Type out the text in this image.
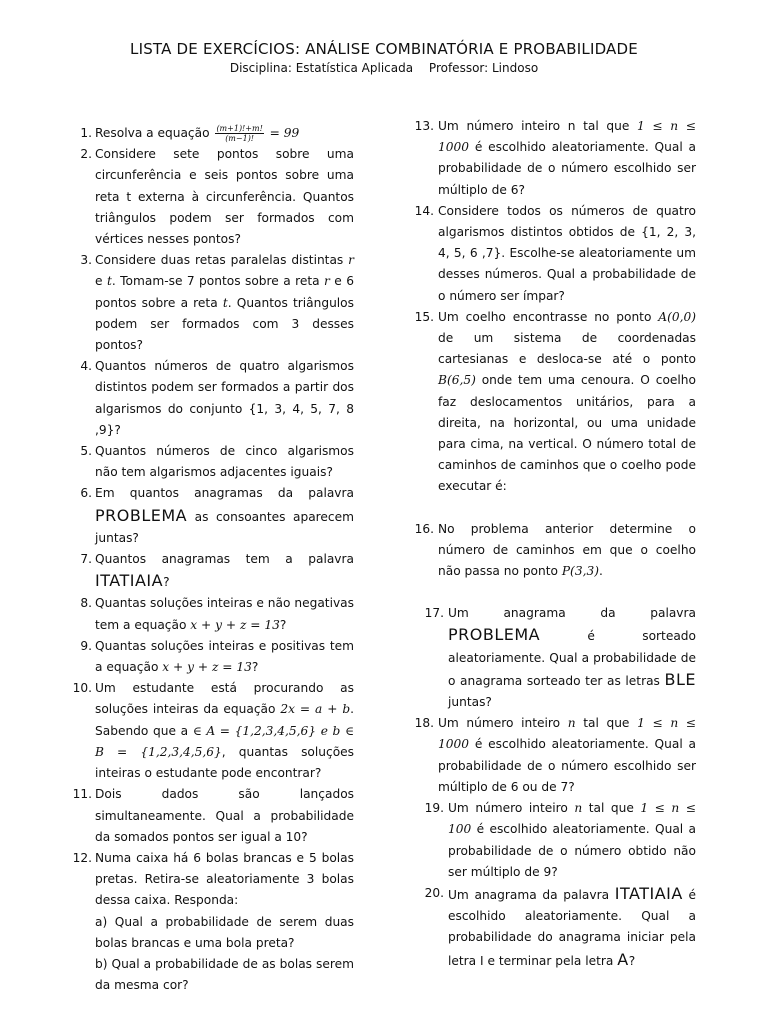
LISTA DE EXERCÍCIOS: ANÁLISE COMBINATÓRIA E PROBABILIDADE
Disciplina: Estatística Aplicada Professor: Lindoso
1. Resolva a equação $\frac{(m+1)!+m!}{(m-1)!} = 99$
2. Considere sete pontos sobre uma circunferência e seis pontos sobre uma reta t externa à circunferência. Quantos triângulos podem ser formados com vértices nesses pontos?
3. Considere duas retas paralelas distintas r e t. Tomam-se 7 pontos sobre a reta r e 6 pontos sobre a reta t. Quantos triângulos podem ser formados com 3 desses pontos?
4. Quantos números de quatro algarismos distintos podem ser formados a partir dos algarismos do conjunto {1, 3, 4, 5, 7, 8 ,9}?
5. Quantos números de cinco algarismos não tem algarismos adjacentes iguais?
6. Em quantos anagramas da palavra PROBLEMA as consoantes aparecem juntas?
7. Quantos anagramas tem a palavra ITATIAIA?
8. Quantas soluções inteiras e não negativas tem a equação x + y + z = 13?
9. Quantas soluções inteiras e positivas tem a equação x + y + z = 13?
10. Um estudante está procurando as soluções inteiras da equação 2x = a + b. Sabendo que a ∈ A = {1,2,3,4,5,6} e b ∈ B = {1,2,3,4,5,6}, quantas soluções inteiras o estudante pode encontrar?
11. Dois dados são lançados simultaneamente. Qual a probabilidade da somados pontos ser igual a 10?
12. Numa caixa há 6 bolas brancas e 5 bolas pretas. Retira-se aleatoriamente 3 bolas dessa caixa. Responda:
a) Qual a probabilidade de serem duas bolas brancas e uma bola preta?
b) Qual a probabilidade de as bolas serem da mesma cor?
13. Um número inteiro n tal que 1 ≤ n ≤ 1000 é escolhido aleatoriamente. Qual a probabilidade de o número escolhido ser múltiplo de 6?
14. Considere todos os números de quatro algarismos distintos obtidos de {1, 2, 3, 4, 5, 6 ,7}. Escolhe-se aleatoriamente um desses números. Qual a probabilidade de o número ser ímpar?
15. Um coelho encontrasse no ponto A(0,0) de um sistema de coordenadas cartesianas e desloca-se até o ponto B(6,5) onde tem uma cenoura. O coelho faz deslocamentos unitários, para a direita, na horizontal, ou uma unidade para cima, na vertical. O número total de caminhos de caminhos que o coelho pode executar é:
16. No problema anterior determine o número de caminhos em que o coelho não passa no ponto P(3,3).
17. Um anagrama da palavra PROBLEMA é sorteado aleatoriamente. Qual a probabilidade de o anagrama sorteado ter as letras BLE juntas?
18. Um número inteiro n tal que 1 ≤ n ≤ 1000 é escolhido aleatoriamente. Qual a probabilidade de o número escolhido ser múltiplo de 6 ou de 7?
19. Um número inteiro n tal que 1 ≤ n ≤ 100 é escolhido aleatoriamente. Qual a probabilidade de o número obtido não ser múltiplo de 9?
20. Um anagrama da palavra ITATIAIA é escolhido aleatoriamente. Qual a probabilidade do anagrama iniciar pela letra I e terminar pela letra A?
